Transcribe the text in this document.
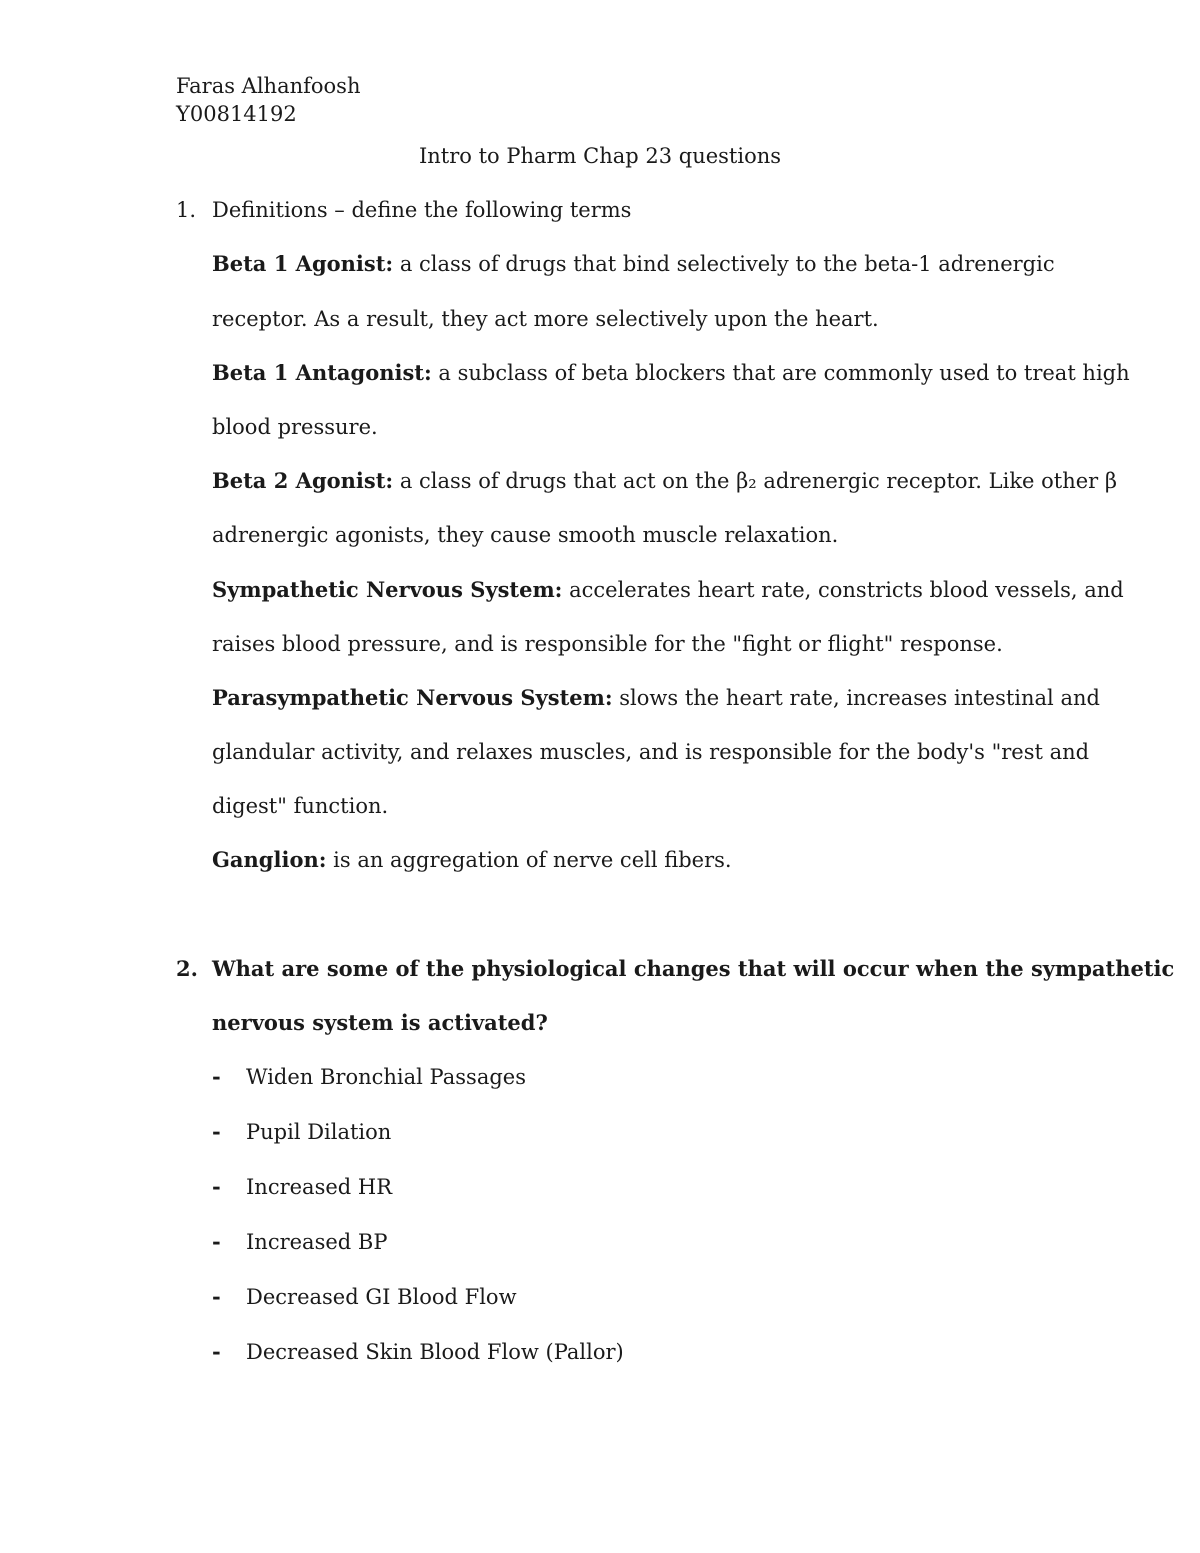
Faras Alhanfoosh
Y00814192
Intro to Pharm Chap 23 questions
1. Definitions – define the following terms
Beta 1 Agonist: a class of drugs that bind selectively to the beta-1 adrenergic
receptor. As a result, they act more selectively upon the heart.
Beta 1 Antagonist: a subclass of beta blockers that are commonly used to treat high
blood pressure.
Beta 2 Agonist: a class of drugs that act on the β₂ adrenergic receptor. Like other β
adrenergic agonists, they cause smooth muscle relaxation.
Sympathetic Nervous System: accelerates heart rate, constricts blood vessels, and
raises blood pressure, and is responsible for the "fight or flight" response.
Parasympathetic Nervous System: slows the heart rate, increases intestinal and
glandular activity, and relaxes muscles, and is responsible for the body's "rest and
digest" function.
Ganglion: is an aggregation of nerve cell fibers.
2. What are some of the physiological changes that will occur when the sympathetic
nervous system is activated?
- Widen Bronchial Passages
- Pupil Dilation
- Increased HR
- Increased BP
- Decreased GI Blood Flow
- Decreased Skin Blood Flow (Pallor)
